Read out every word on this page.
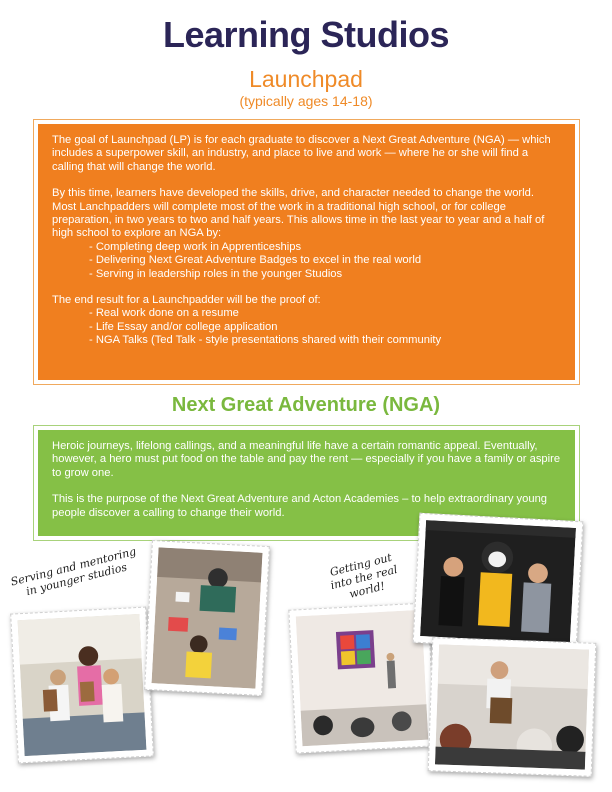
Learning Studios
Launchpad
(typically ages 14-18)

The goal of Launchpad (LP) is for each graduate to discover a Next Great Adventure (NGA) — which includes a superpower skill, an industry, and place to live and work — where he or she will find a calling that will change the world.

By this time, learners have developed the skills, drive, and character needed to change the world. Most Lanchpadders will complete most of the work in a traditional high school, or for college preparation, in two years to two and half years. This allows time in the last year to year and a half of high school to explore an NGA by:

- Completing deep work in Apprenticeships
- Delivering Next Great Adventure Badges to excel in the real world
- Serving in leadership roles in the younger Studios

The end result for a Launchpadder will be the proof of:

- Real work done on a resume
- Life Essay and/or college application
- NGA Talks (Ted Talk - style presentations shared with their community
Next Great Adventure (NGA)

Heroic journeys, lifelong callings, and a meaningful life have a certain romantic appeal. Eventually, however, a hero must put food on the table and pay the rent — especially if you have a family or aspire to grow one.

This is the purpose of the Next Great Adventure and Acton Academies – to help extraordinary young people discover a calling to change their world.

Serving and mentoring in younger studios	Getting out into the real world!
